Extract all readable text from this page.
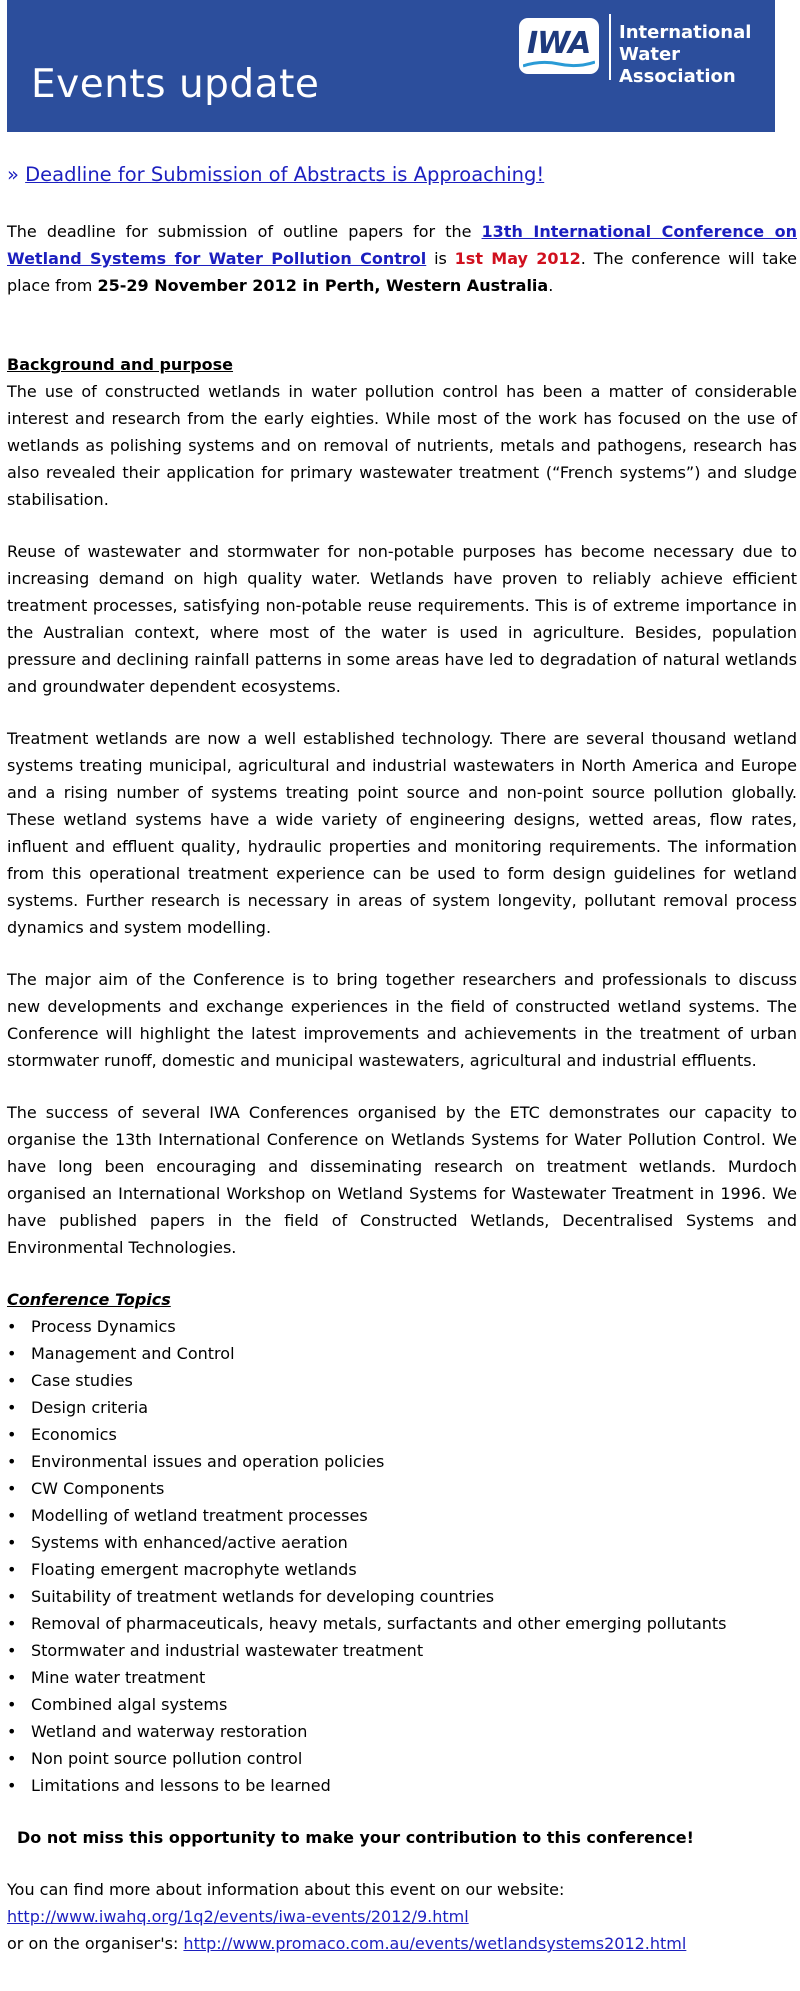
IWA International
Water Association
Events update
» Deadline for Submission of Abstracts is Approaching!

The deadline for submission of outline papers for the 13th International Conference on Wetland Systems for Water Pollution Control is 1st May 2012. The conference will take place from 25-29 November 2012 in Perth, Western Australia.

Background and purpose

The use of constructed wetlands in water pollution control has been a matter of considerable interest and research from the early eighties. While most of the work has focused on the use of wetlands as polishing systems and on removal of nutrients, metals and pathogens, research has also revealed their application for primary wastewater treatment (“French systems”) and sludge stabilisation.

Reuse of wastewater and stormwater for non-potable purposes has become necessary due to increasing demand on high quality water. Wetlands have proven to reliably achieve efficient treatment processes, satisfying non-potable reuse requirements. This is of extreme importance in the Australian context, where most of the water is used in agriculture. Besides, population pressure and declining rainfall patterns in some areas have led to degradation of natural wetlands and groundwater dependent ecosystems.

Treatment wetlands are now a well established technology. There are several thousand wetland systems treating municipal, agricultural and industrial wastewaters in North America and Europe and a rising number of systems treating point source and non-point source pollution globally. These wetland systems have a wide variety of engineering designs, wetted areas, flow rates, influent and effluent quality, hydraulic properties and monitoring requirements. The information from this operational treatment experience can be used to form design guidelines for wetland systems. Further research is necessary in areas of system longevity, pollutant removal process dynamics and system modelling.

The major aim of the Conference is to bring together researchers and professionals to discuss new developments and exchange experiences in the field of constructed wetland systems. The Conference will highlight the latest improvements and achievements in the treatment of urban stormwater runoff, domestic and municipal wastewaters, agricultural and industrial effluents.

The success of several IWA Conferences organised by the ETC demonstrates our capacity to organise the 13th International Conference on Wetlands Systems for Water Pollution Control. We have long been encouraging and disseminating research on treatment wetlands. Murdoch organised an International Workshop on Wetland Systems for Wastewater Treatment in 1996. We have published papers in the field of Constructed Wetlands, Decentralised Systems and Environmental Technologies.

Conference Topics
• Process Dynamics
• Management and Control
• Case studies
• Design criteria
• Economics
• Environmental issues and operation policies
• CW Components
• Modelling of wetland treatment processes
• Systems with enhanced/active aeration
• Floating emergent macrophyte wetlands
• Suitability of treatment wetlands for developing countries
• Removal of pharmaceuticals, heavy metals, surfactants and other emerging pollutants
• Stormwater and industrial wastewater treatment
• Mine water treatment
• Combined algal systems
• Wetland and waterway restoration
• Non point source pollution control
• Limitations and lessons to be learned
Do not miss this opportunity to make your contribution to this conference!
You can find more about information about this event on our website:
http://www.iwahq.org/1q2/events/iwa-events/2012/9.html
or on the organiser's: http://www.promaco.com.au/events/wetlandsystems2012.html
